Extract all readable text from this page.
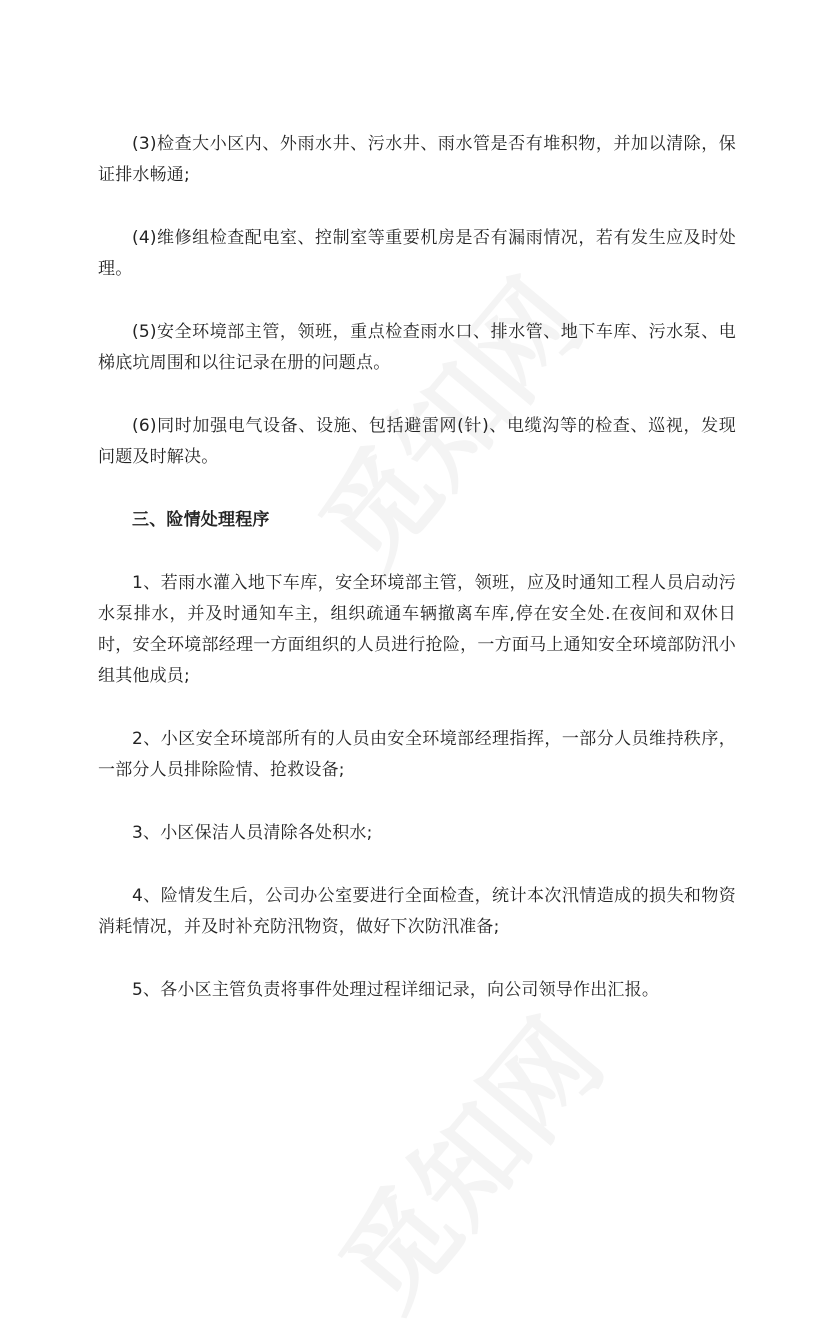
(3)检查大小区内、外雨水井、污水井、雨水管是否有堆积物，并加以清除，保证排水畅通;

(4)维修组检查配电室、控制室等重要机房是否有漏雨情况，若有发生应及时处理。

(5)安全环境部主管，领班，重点检查雨水口、排水管、地下车库、污水泵、电梯底坑周围和以往记录在册的问题点。

(6)同时加强电气设备、设施、包括避雷网(针)、电缆沟等的检查、巡视，发现问题及时解决。

三、险情处理程序

1、若雨水灌入地下车库，安全环境部主管，领班，应及时通知工程人员启动污水泵排水，并及时通知车主，组织疏通车辆撤离车库,停在安全处.在夜间和双休日时，安全环境部经理一方面组织的人员进行抢险，一方面马上通知安全环境部防汛小组其他成员;

2、小区安全环境部所有的人员由安全环境部经理指挥，一部分人员维持秩序，一部分人员排除险情、抢救设备;

3、小区保洁人员清除各处积水;

4、险情发生后，公司办公室要进行全面检查，统计本次汛情造成的损失和物资消耗情况，并及时补充防汛物资，做好下次防汛准备;

5、各小区主管负责将事件处理过程详细记录，向公司领导作出汇报。
